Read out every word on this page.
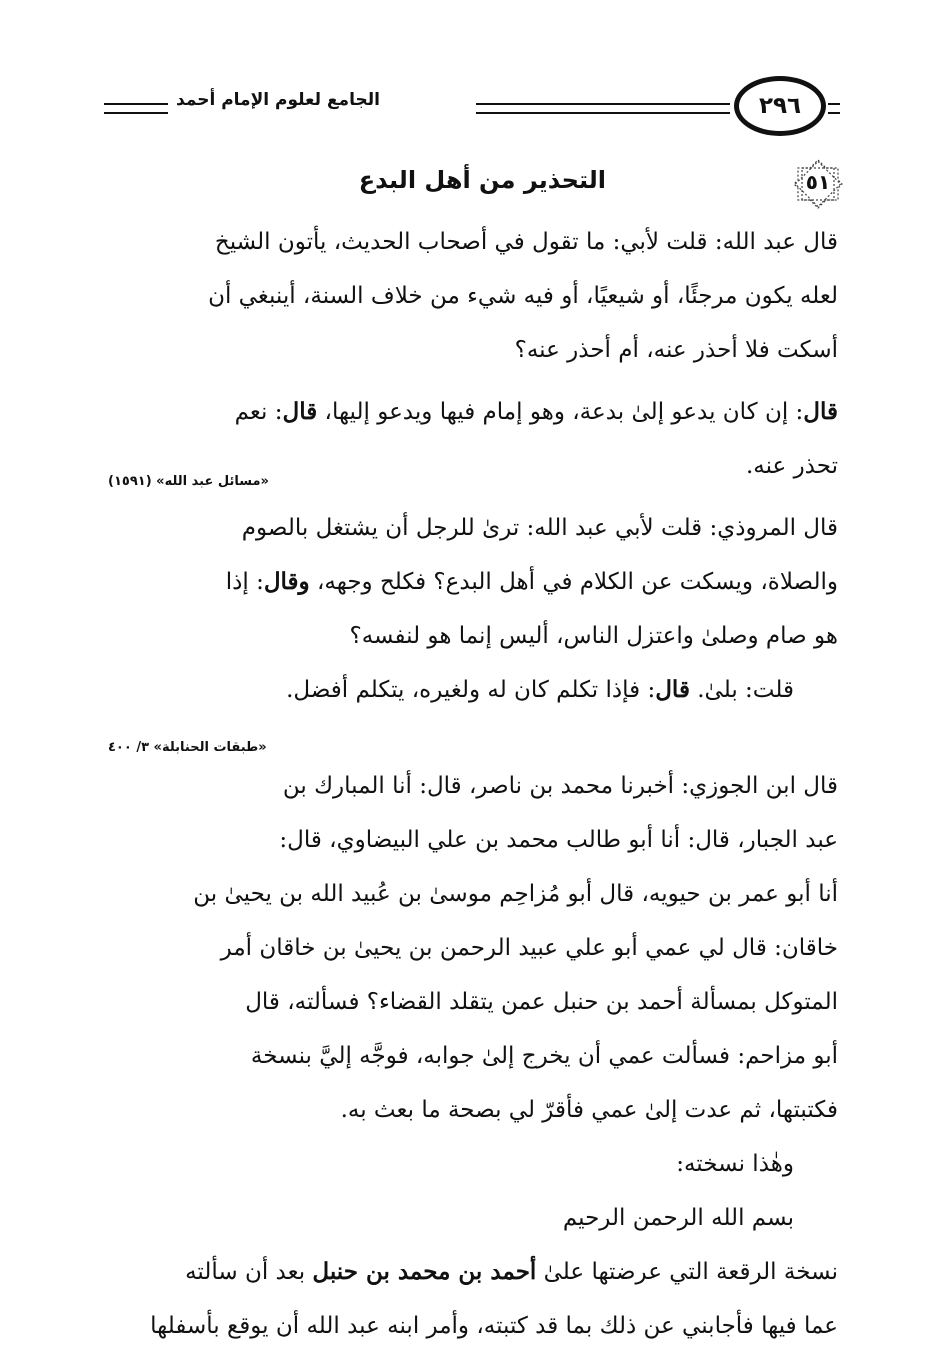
٢٩٦
الجامع لعلوم الإمام أحمد
٥١
التحذير من أهل البدع
قال عبد الله: قلت لأبي: ما تقول في أصحاب الحديث، يأتون الشيخ
لعله يكون مرجئًا، أو شيعيًا، أو فيه شيء من خلاف السنة، أينبغي أن
أسكت فلا أحذر عنه، أم أحذر عنه؟
قال: إن كان يدعو إلىٰ بدعة، وهو إمام فيها ويدعو إليها، قال: نعم
تحذر عنه.
«مسائل عبد الله» (١٥٩١)
قال المروذي: قلت لأبي عبد الله: ترىٰ للرجل أن يشتغل بالصوم
والصلاة، ويسكت عن الكلام في أهل البدع؟ فكلح وجهه، وقال: إذا
هو صام وصلىٰ واعتزل الناس، أليس إنما هو لنفسه؟
قلت: بلىٰ. قال: فإذا تكلم كان له ولغيره، يتكلم أفضل.
«طبقات الحنابلة» ٣/ ٤٠٠
قال ابن الجوزي: أخبرنا محمد بن ناصر، قال: أنا المبارك بن
عبد الجبار، قال: أنا أبو طالب محمد بن علي البيضاوي، قال:
أنا أبو عمر بن حيويه، قال أبو مُزاحِم موسىٰ بن عُبيد الله بن يحيىٰ بن
خاقان: قال لي عمي أبو علي عبيد الرحمن بن يحيىٰ بن خاقان أمر
المتوكل بمسألة أحمد بن حنبل عمن يتقلد القضاء؟ فسألته، قال
أبو مزاحم: فسألت عمي أن يخرج إلىٰ جوابه، فوجَّه إليَّ بنسخة
فكتبتها، ثم عدت إلىٰ عمي فأقرّ لي بصحة ما بعث به.
وهٰذا نسخته:
بسم الله الرحمن الرحيم
نسخة الرقعة التي عرضتها علىٰ أحمد بن محمد بن حنبل بعد أن سألته
عما فيها فأجابني عن ذلك بما قد كتبته، وأمر ابنه عبد الله أن يوقع بأسفلها
